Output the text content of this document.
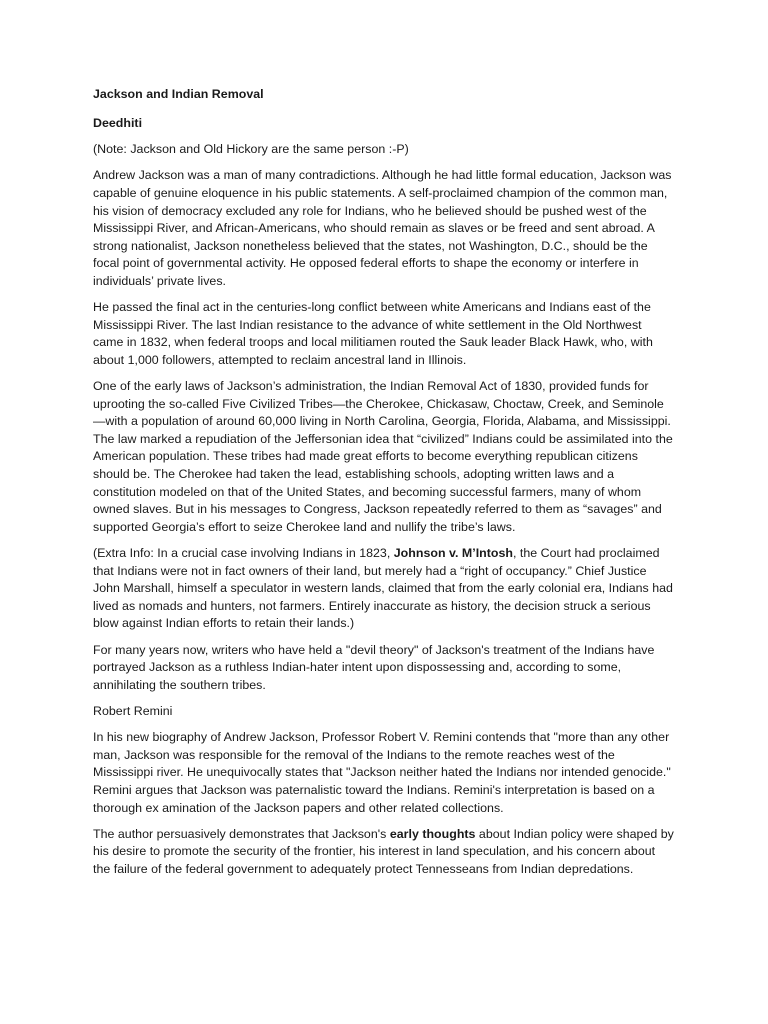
Jackson and Indian Removal

Deedhiti

(Note: Jackson and Old Hickory are the same person :-P)

Andrew Jackson was a man of many contradictions. Although he had little formal education, Jackson was capable of genuine eloquence in his public statements. A self-proclaimed champion of the common man, his vision of democracy excluded any role for Indians, who he believed should be pushed west of the Mississippi River, and African-Americans, who should remain as slaves or be freed and sent abroad. A strong nationalist, Jackson nonetheless believed that the states, not Washington, D.C., should be the focal point of governmental activity. He opposed federal efforts to shape the economy or interfere in individuals’ private lives.

He passed the final act in the centuries-long conflict between white Americans and Indians east of the Mississippi River. The last Indian resistance to the advance of white settlement in the Old Northwest came in 1832, when federal troops and local militiamen routed the Sauk leader Black Hawk, who, with about 1,000 followers, attempted to reclaim ancestral land in Illinois.

One of the early laws of Jackson’s administration, the Indian Removal Act of 1830, provided funds for uprooting the so-called Five Civilized Tribes—the Cherokee, Chickasaw, Choctaw, Creek, and Seminole—with a population of around 60,000 living in North Carolina, Georgia, Florida, Alabama, and Mississippi. The law marked a repudiation of the Jeffersonian idea that “civilized” Indians could be assimilated into the American population. These tribes had made great efforts to become everything republican citizens should be. The Cherokee had taken the lead, establishing schools, adopting written laws and a constitution modeled on that of the United States, and becoming successful farmers, many of whom owned slaves. But in his messages to Congress, Jackson repeatedly referred to them as “savages” and supported Georgia’s effort to seize Cherokee land and nullify the tribe’s laws.

(Extra Info: In a crucial case involving Indians in 1823, Johnson v. M’Intosh, the Court had proclaimed that Indians were not in fact owners of their land, but merely had a “right of occupancy.” Chief Justice John Marshall, himself a speculator in western lands, claimed that from the early colonial era, Indians had lived as nomads and hunters, not farmers. Entirely inaccurate as history, the decision struck a serious blow against Indian efforts to retain their lands.)

For many years now, writers who have held a "devil theory" of Jackson's treatment of the Indians have portrayed Jackson as a ruthless Indian-hater intent upon dispossessing and, according to some, annihilating the southern tribes.

Robert Remini

In his new biography of Andrew Jackson, Professor Robert V. Remini contends that "more than any other man, Jackson was responsible for the removal of the Indians to the remote reaches west of the Mississippi river. He unequivocally states that "Jackson neither hated the Indians nor intended genocide." Remini argues that Jackson was paternalistic toward the Indians. Remini's interpretation is based on a thorough ex amination of the Jackson papers and other related collections.

The author persuasively demonstrates that Jackson's early thoughts about Indian policy were shaped by his desire to promote the security of the frontier, his interest in land speculation, and his concern about the failure of the federal government to adequately protect Tennesseans from Indian depredations.
